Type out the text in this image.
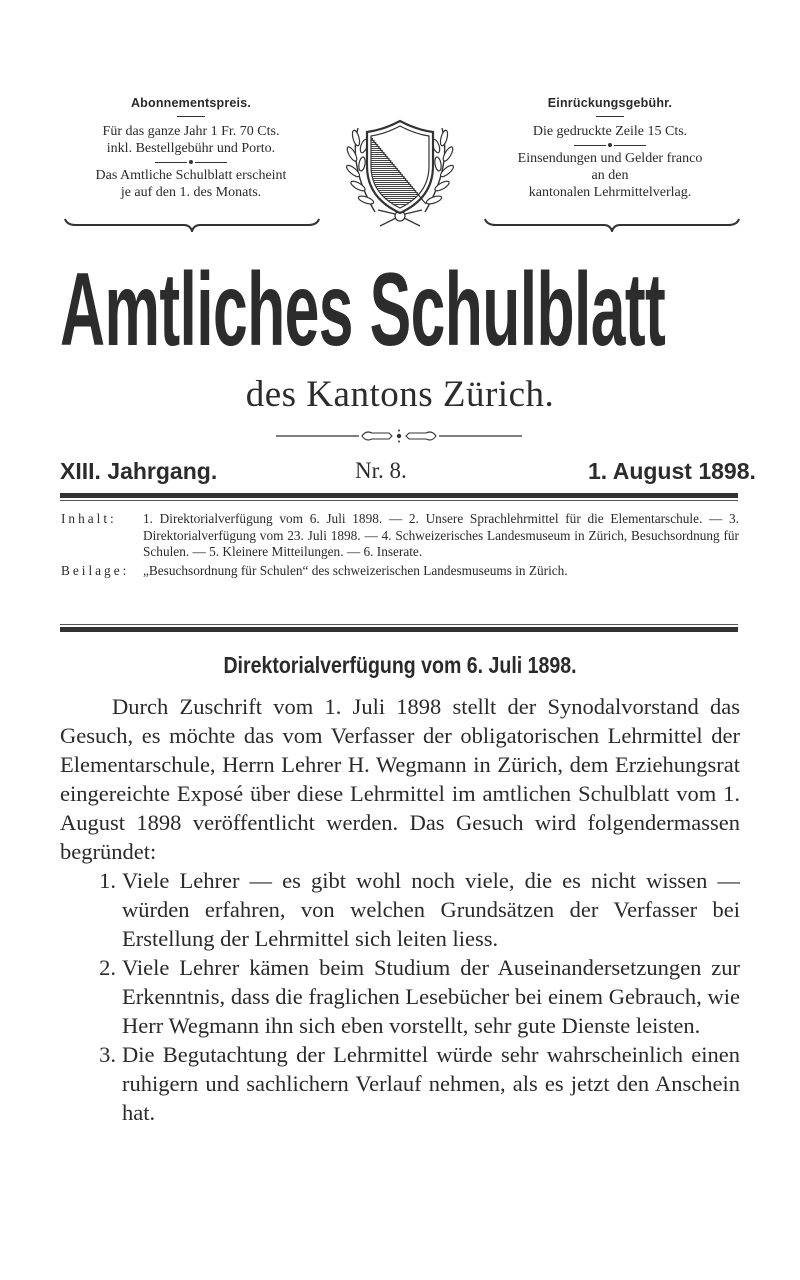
Abonnementspreis.
Für das ganze Jahr 1 Fr. 70 Cts.
inkl. Bestellgebühr und Porto.
Das Amtliche Schulblatt erscheint
je auf den 1. des Monats.
Einrückungsgebühr.
Die gedruckte Zeile 15 Cts.
Einsendungen und Gelder franco
an den
kantonalen Lehrmittelverlag.
Amtliches Schulblatt
des Kantons Zürich.
XIII. Jahrgang.	Nr. 8.	1. August 1898.
Inhalt:	1. Direktorialverfügung vom 6. Juli 1898. — 2. Unsere Sprachlehrmittel für die Elementarschule. — 3. Direktorialverfügung vom 23. Juli 1898. — 4. Schweizerisches Landesmuseum in Zürich, Besuchsordnung für Schulen. — 5. Kleinere Mitteilungen. — 6. Inserate.
Beilage:	„Besuchsordnung für Schulen“ des schweizerischen Landesmuseums in Zürich.
Direktorialverfügung vom 6. Juli 1898.
Durch Zuschrift vom 1. Juli 1898 stellt der Synodalvorstand das Gesuch, es möchte das vom Verfasser der obligatorischen Lehrmittel der Elementarschule, Herrn Lehrer H. Wegmann in Zürich, dem Erziehungsrat eingereichte Exposé über diese Lehrmittel im amtlichen Schulblatt vom 1. August 1898 veröffentlicht werden. Das Gesuch wird folgendermassen begründet:
1. Viele Lehrer — es gibt wohl noch viele, die es nicht wissen — würden erfahren, von welchen Grundsätzen der Verfasser bei Erstellung der Lehrmittel sich leiten liess.
2. Viele Lehrer kämen beim Studium der Auseinandersetzungen zur Erkenntnis, dass die fraglichen Lesebücher bei einem Gebrauch, wie Herr Wegmann ihn sich eben vorstellt, sehr gute Dienste leisten.
3. Die Begutachtung der Lehrmittel würde sehr wahrscheinlich einen ruhigern und sachlichern Verlauf nehmen, als es jetzt den Anschein hat.
